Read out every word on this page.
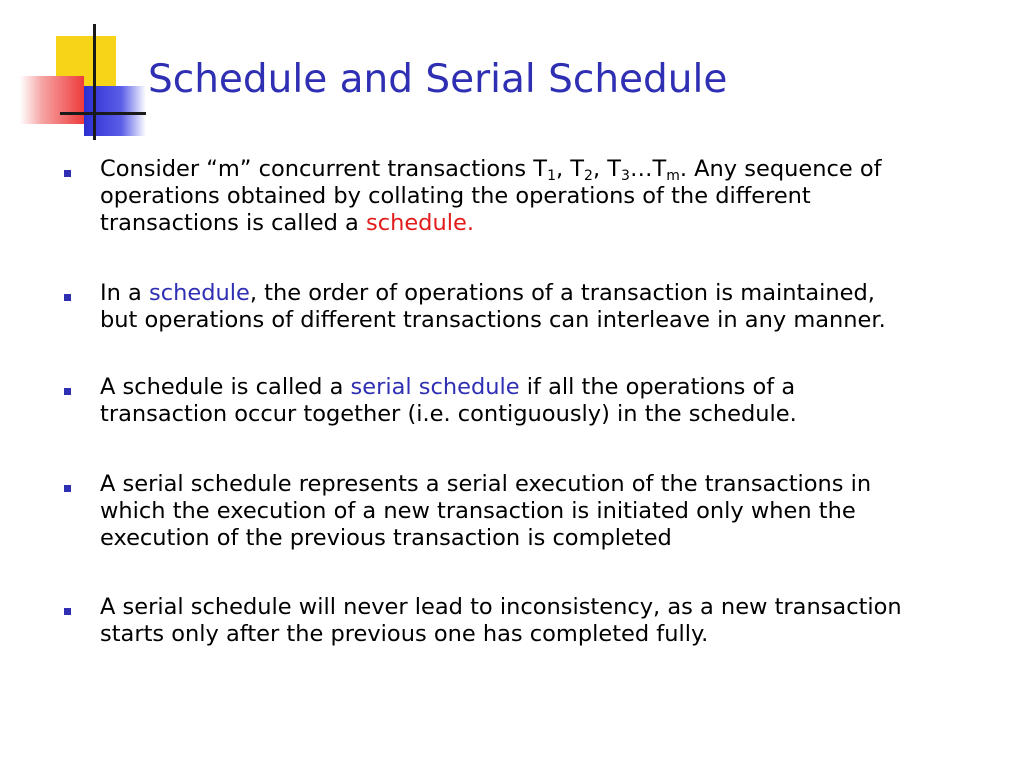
Schedule and Serial Schedule

Consider “m” concurrent transactions $T_1$, $T_2$, $T_3\dots T_m$. Any sequence of

operations obtained by collating the operations of the different

transactions is called a schedule.

In a schedule, the order of operations of a transaction is maintained,

but operations of different transactions can interleave in any manner.

A schedule is called a serial schedule if all the operations of a

transaction occur together (i.e. contiguously) in the schedule.

A serial schedule represents a serial execution of the transactions in

which the execution of a new transaction is initiated only when the

execution of the previous transaction is completed

A serial schedule will never lead to inconsistency, as a new transaction

starts only after the previous one has completed fully.
